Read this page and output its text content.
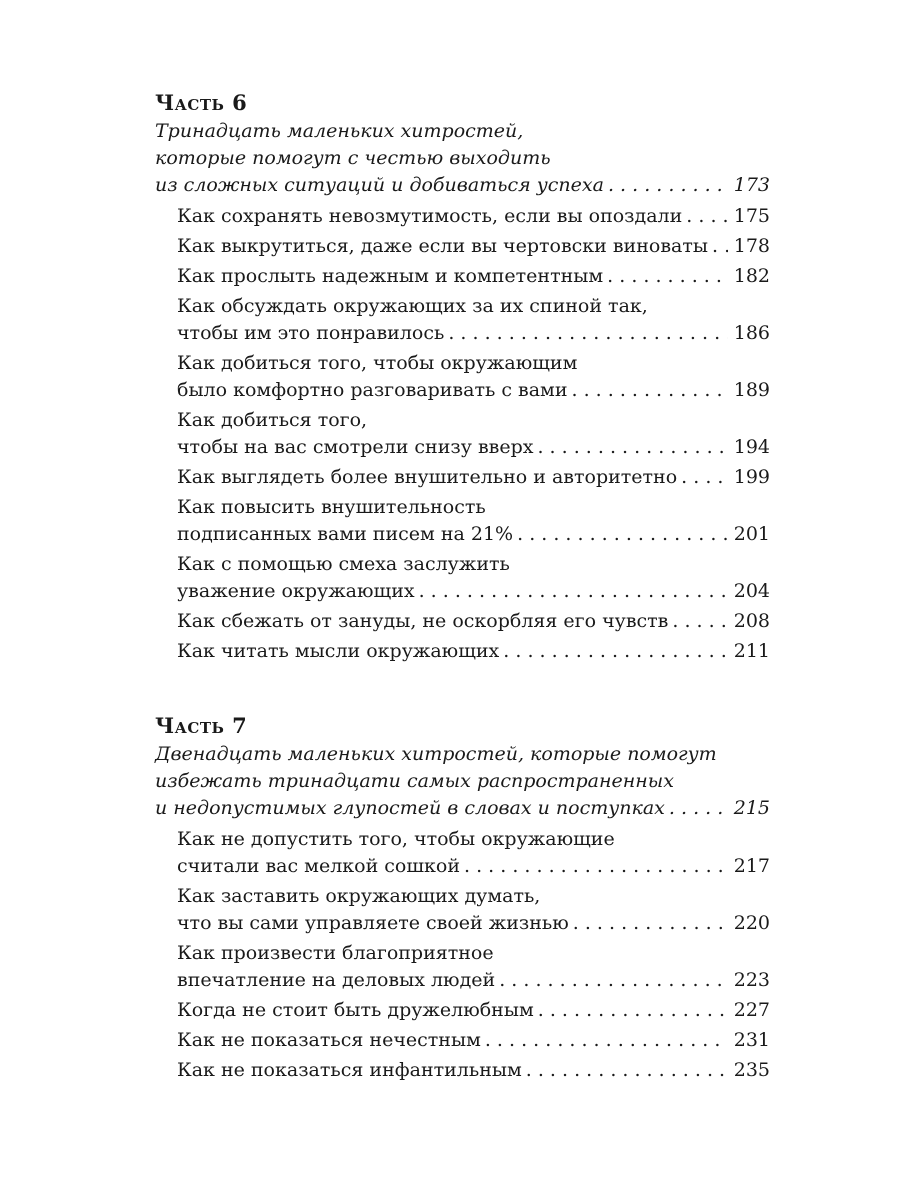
Часть 6

Тринадцать маленьких хитростей,

которые помогут с честью выходить

из сложных ситуаций и добиваться успеха . . .	173
Как сохранять невозмутимость, если вы опоздали . . .	175
Как выкрутиться, даже если вы чертовски виноваты . . . 178
Как прослыть надежным и компетентным . . .	182

Как обсуждать окружающих за их спиной так,

чтобы им это понравилось . . .	186

Как добиться того, чтобы окружающим

было комфортно разговаривать с вами . . .	189

Как добиться того,

чтобы на вас смотрели снизу вверх . . .	194
Как выглядеть более внушительно и авторитетно . . .	199

Как повысить внушительность

подписанных вами писем на 21% . . .	201

Как с помощью смеха заслужить

уважение окружающих . . .	204
Как сбежать от зануды, не оскорбляя его чувств . . .	208
Как читать мысли окружающих . . .	211
Часть 7

Двенадцать маленьких хитростей, которые помогут

избежать тринадцати самых распространенных

и недопустимых глупостей в словах и поступках . . .	215

Как не допустить того, чтобы окружающие

считали вас мелкой сошкой . . .	217

Как заставить окружающих думать,

что вы сами управляете своей жизнью . . .	220

Как произвести благоприятное

впечатление на деловых людей . . .	223
Когда не стоит быть дружелюбным . . .	227
Как не показаться нечестным . . .	231
Как не показаться инфантильным . . .	235
